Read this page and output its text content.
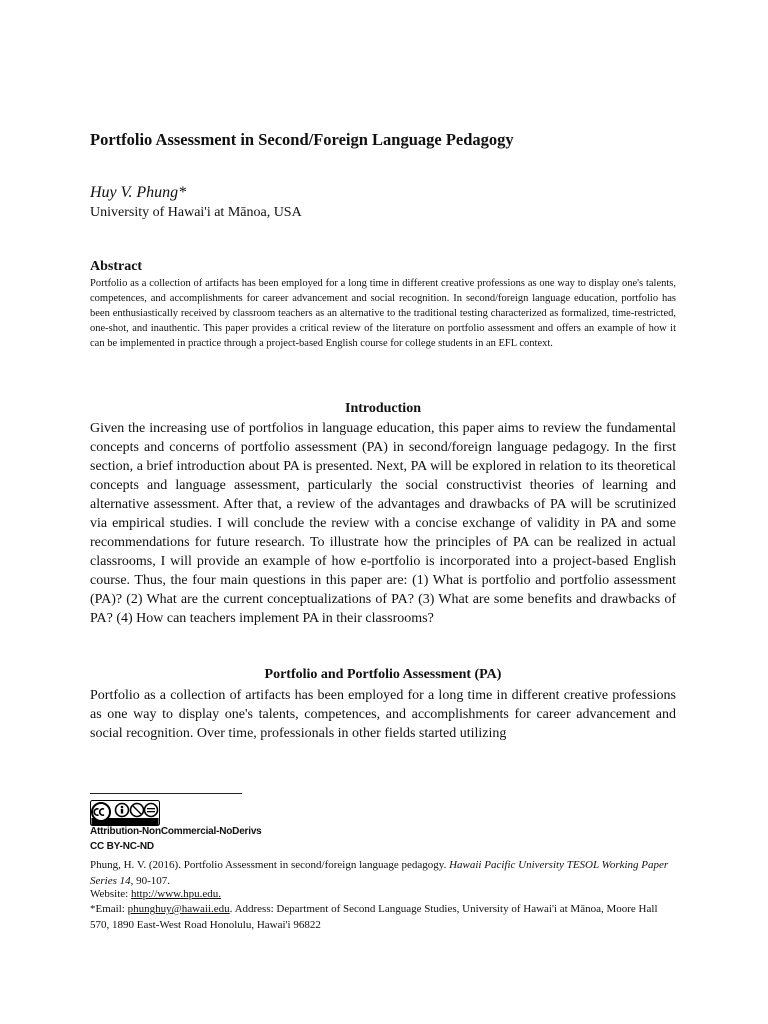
Portfolio Assessment in Second/Foreign Language Pedagogy
Huy V. Phung*
University of Hawai'i at Mānoa, USA
Abstract
Portfolio as a collection of artifacts has been employed for a long time in different creative professions as one way to display one's talents, competences, and accomplishments for career advancement and social recognition. In second/foreign language education, portfolio has been enthusiastically received by classroom teachers as an alternative to the traditional testing characterized as formalized, time-restricted, one-shot, and inauthentic. This paper provides a critical review of the literature on portfolio assessment and offers an example of how it can be implemented in practice through a project-based English course for college students in an EFL context.
Introduction
Given the increasing use of portfolios in language education, this paper aims to review the fundamental concepts and concerns of portfolio assessment (PA) in second/foreign language pedagogy. In the first section, a brief introduction about PA is presented. Next, PA will be explored in relation to its theoretical concepts and language assessment, particularly the social constructivist theories of learning and alternative assessment. After that, a review of the advantages and drawbacks of PA will be scrutinized via empirical studies. I will conclude the review with a concise exchange of validity in PA and some recommendations for future research. To illustrate how the principles of PA can be realized in actual classrooms, I will provide an example of how e-portfolio is incorporated into a project-based English course. Thus, the four main questions in this paper are: (1) What is portfolio and portfolio assessment (PA)? (2) What are the current conceptualizations of PA? (3) What are some benefits and drawbacks of PA? (4) How can teachers implement PA in their classrooms?
Portfolio and Portfolio Assessment (PA)
Portfolio as a collection of artifacts has been employed for a long time in different creative professions as one way to display one's talents, competences, and accomplishments for career advancement and social recognition. Over time, professionals in other fields started utilizing
Attribution-NonCommercial-NoDerivs
CC BY-NC-ND
Phung, H. V. (2016). Portfolio Assessment in second/foreign language pedagogy. Hawaii Pacific University TESOL Working Paper Series 14, 90-107.
Website: http://www.hpu.edu.
*Email: phunghuy@hawaii.edu. Address: Department of Second Language Studies, University of Hawai'i at Mānoa, Moore Hall 570, 1890 East-West Road Honolulu, Hawai'i 96822
